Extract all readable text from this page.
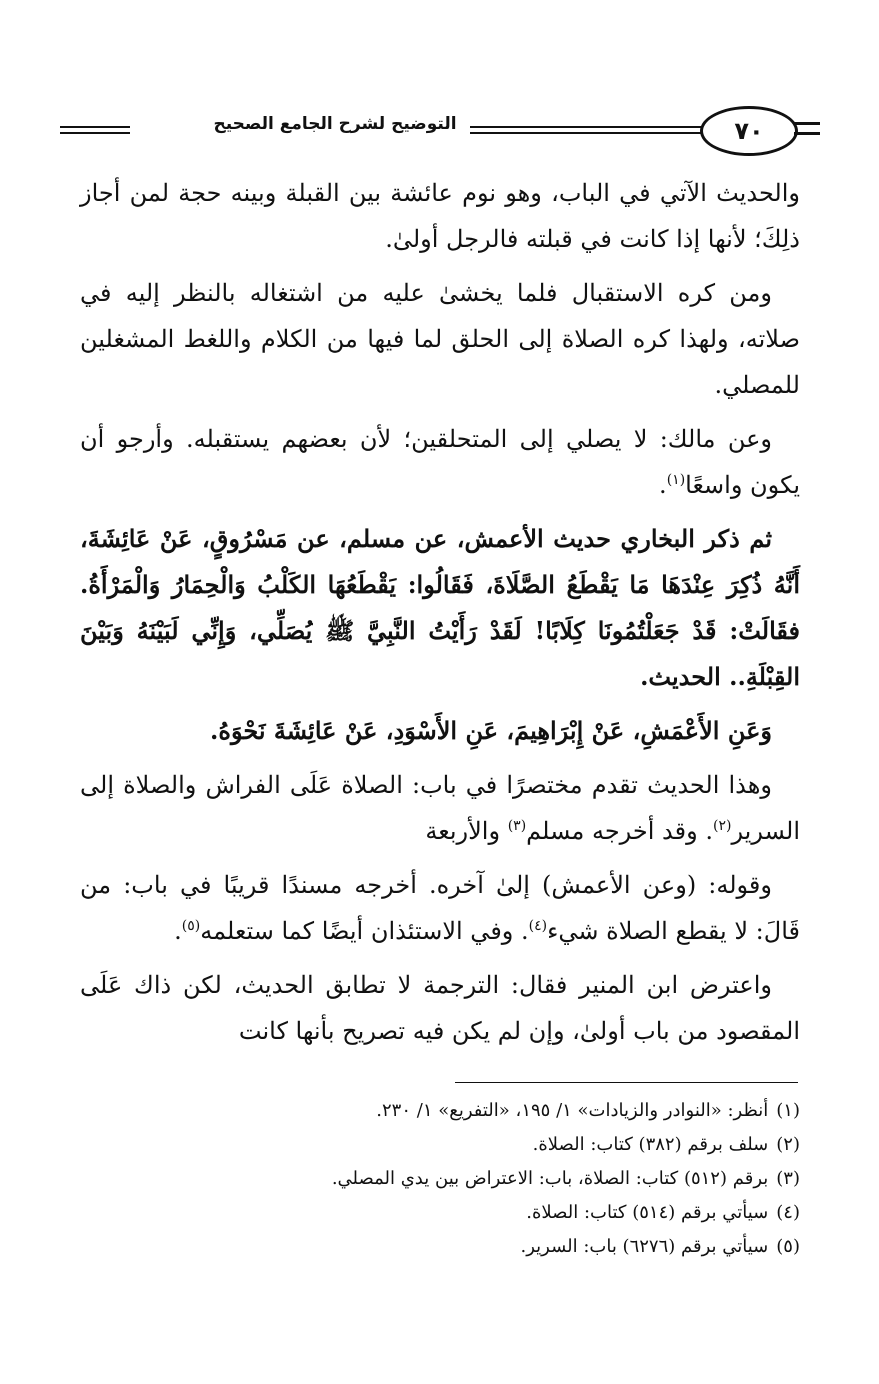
التوضيح لشرح الجامع الصحيح	٧٠

والحديث الآتي في الباب، وهو نوم عائشة بين القبلة وبينه حجة لمن أجاز ذلِكَ؛ لأنها إذا كانت في قبلته فالرجل أولىٰ.

ومن كره الاستقبال فلما يخشىٰ عليه من اشتغاله بالنظر إليه في صلاته، ولهذا كره الصلاة إلى الحلق لما فيها من الكلام واللغط المشغلين للمصلي.

وعن مالك: لا يصلي إلى المتحلقين؛ لأن بعضهم يستقبله. وأرجو أن يكون واسعًا$^{(١)}$.

ثم ذكر البخاري حديث الأعمش، عن مسلم، عن مَسْرُوقٍ، عَنْ عَائِشَةَ، أَنَّهُ ذُكِرَ عِنْدَهَا مَا يَقْطَعُ الصَّلَاةَ، فَقَالُوا: يَقْطَعُهَا الكَلْبُ وَالْحِمَارُ وَالْمَرْأَةُ. فقَالَتْ: قَدْ جَعَلْتُمُونَا كِلَابًا! لَقَدْ رَأَيْتُ النَّبِيَّ ﷺ يُصَلِّي، وَإِنِّي لَبَيْنَهُ وَبَيْنَ القِبْلَةِ.. الحديث.

وَعَنِ الأَعْمَشِ، عَنْ إِبْرَاهِيمَ، عَنِ الأَسْوَدِ، عَنْ عَائِشَةَ نَحْوَهُ.

وهذا الحديث تقدم مختصرًا في باب: الصلاة عَلَى الفراش والصلاة إلى السرير$^{(٢)}$. وقد أخرجه مسلم$^{(٣)}$ والأربعة

وقوله: (وعن الأعمش) إلىٰ آخره. أخرجه مسندًا قريبًا في باب: من قَالَ: لا يقطع الصلاة شيء$^{(٤)}$. وفي الاستئذان أيضًا كما ستعلمه$^{(٥)}$.

واعترض ابن المنير فقال: الترجمة لا تطابق الحديث، لكن ذاك عَلَى المقصود من باب أولىٰ، وإن لم يكن فيه تصريح بأنها كانت

(١)أنظر: «النوادر والزيادات» ١/ ١٩٥، «التفريع» ١/ ٢٣٠.
(٢)سلف برقم (٣٨٢) كتاب: الصلاة.
(٣)برقم (٥١٢) كتاب: الصلاة، باب: الاعتراض بين يدي المصلي.
(٤)سيأتي برقم (٥١٤) كتاب: الصلاة.
(٥)سيأتي برقم (٦٢٧٦) باب: السرير.
